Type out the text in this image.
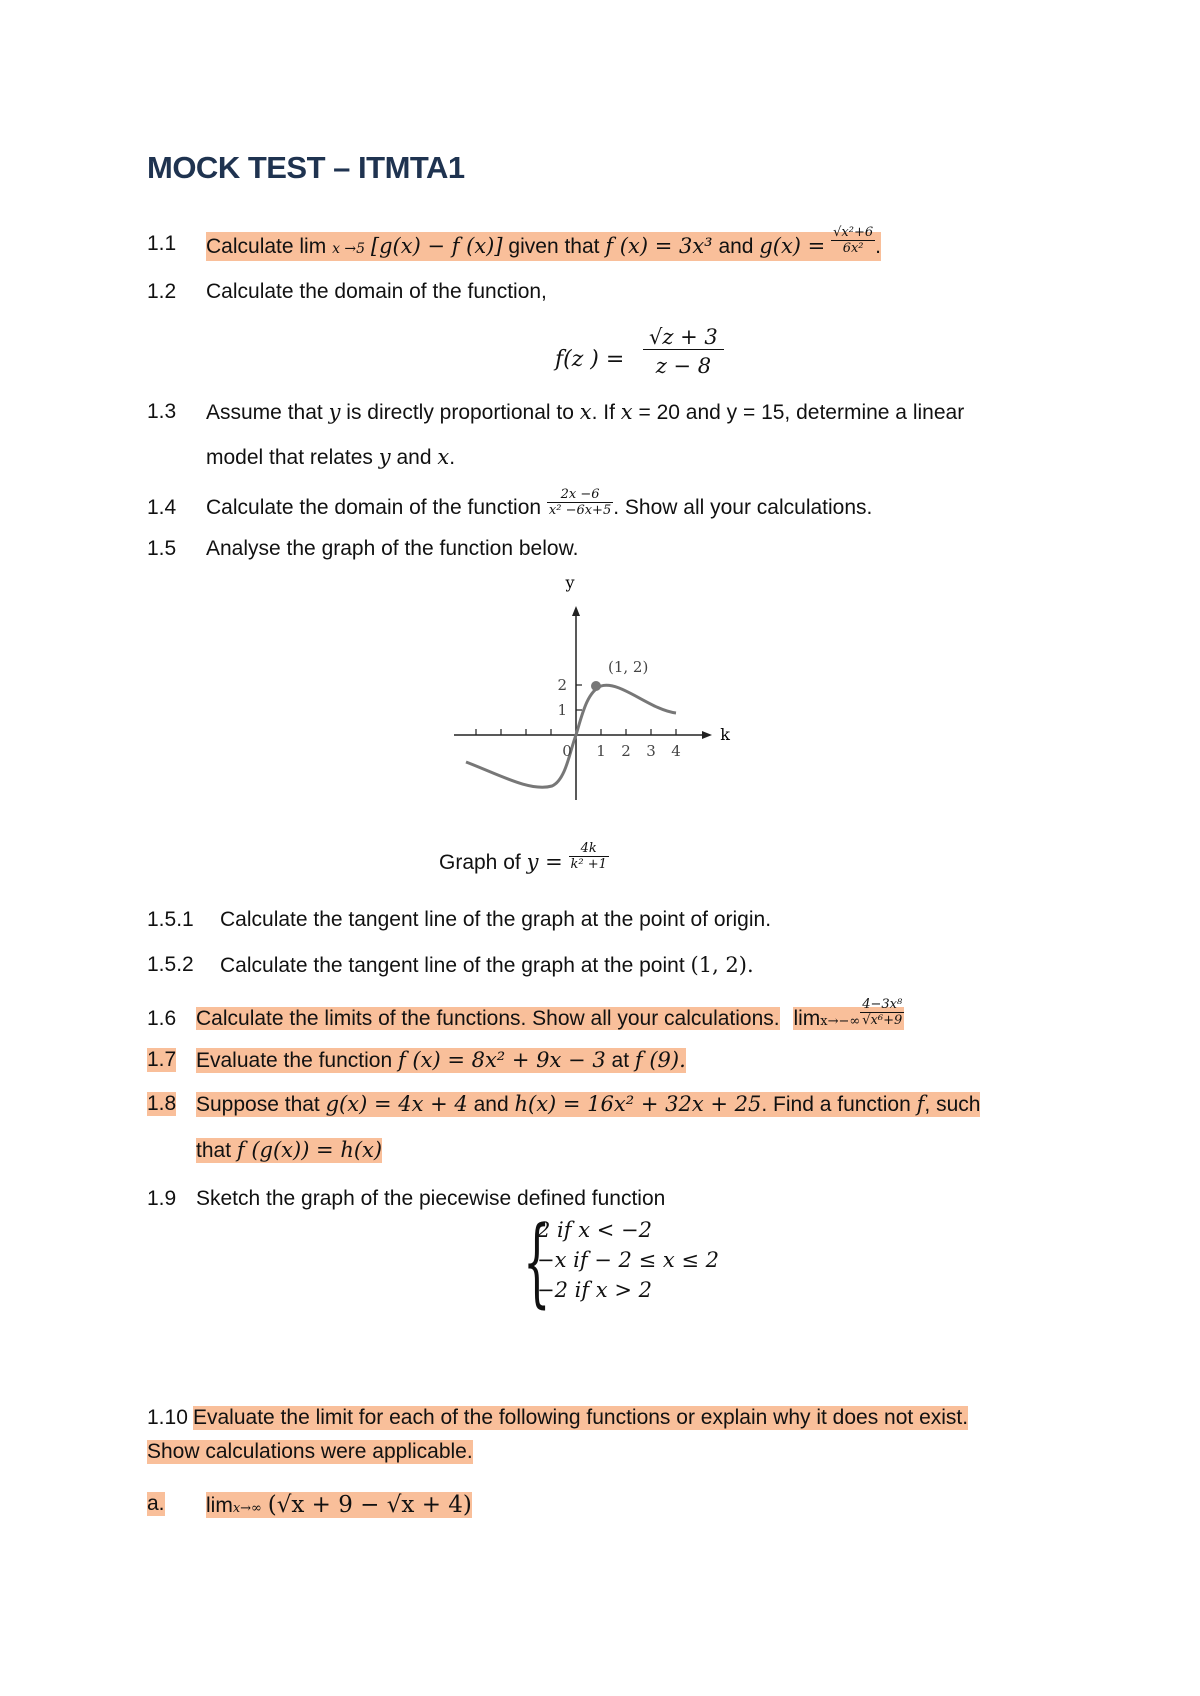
MOCK TEST – ITMTA1
1.1 Calculate lim x →5 [g(x) − f (x)] given that f (x) = 3x³ and $g(x) = \frac{\text{√x²+6}}{\text{6x²}}$ .
1.2 Calculate the domain of the function,
f(z ) =
√z + 3
z − 8
1.3 Assume that y is directly proportional to x. If x = 20 and y = 15, determine a linear
model that relates y and x.
1.4 Calculate the domain of the function $\frac{2x -6}{\text{x² −6x+5}}$ . Show all your calculations.
1.5 Analyse the graph of the function below.
y
k
(1, 2)
0 1 2 3 4
1
2
Graph of $y = \frac{4k}{\text{k² +1}}$
1.5.1 Calculate the tangent line of the graph at the point of origin.
1.5.2 Calculate the tangent line of the graph at the point (1, 2).
1.6 Calculate the limits of the functions. Show all your calculations. $\lim x\to-\infty \frac{\text{4−3x⁸}}{\text{√x⁶+9}}$
1.7 Evaluate the function f (x) = 8x² + 9x − 3 at f (9).
1.8 Suppose that g(x) = 4x + 4 and h(x) = 16x² + 32x + 25. Find a function f, such
that f (g(x)) = h(x)
1.9 Sketch the graph of the piecewise defined function
{
2 if x < −2
−x if − 2 ≤ x ≤ 2
−2 if x > 2
1.10 Evaluate the limit for each of the following functions or explain why it does not exist.
Show calculations were applicable.
a. limx→∞ (√x + 9 − √x + 4)
